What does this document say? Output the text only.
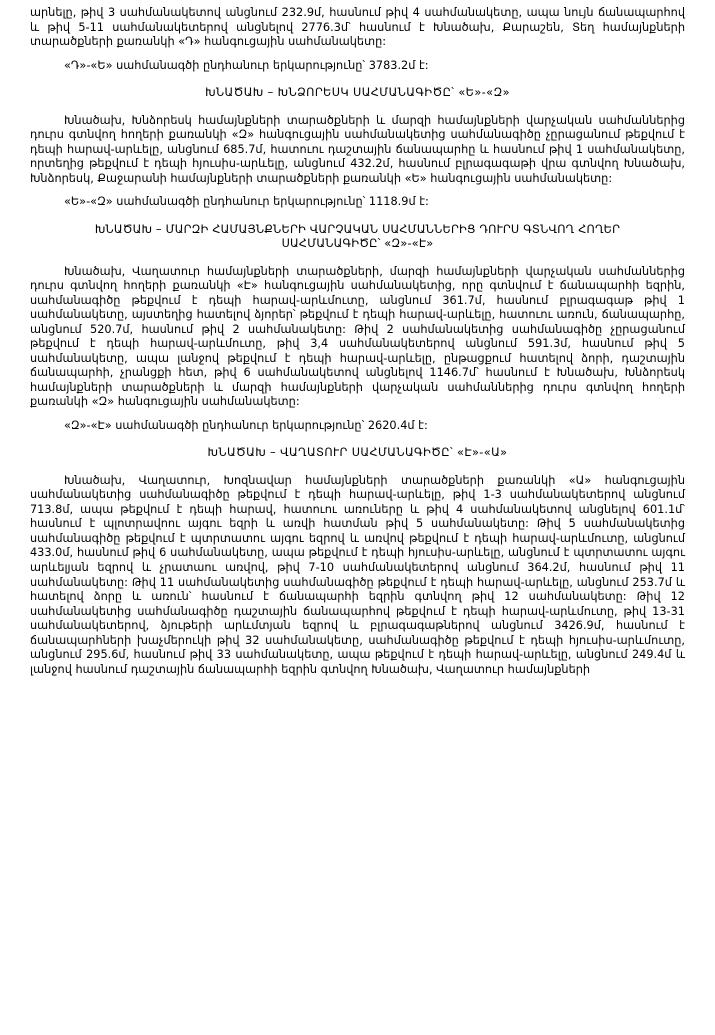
արնելը, թիվ 3 սահմանակետով անցնում 232.9մ, հասնում թիվ 4 սահմանակետը, ապա նույն ճանապարհով և թիվ 5-11 սահմանակետերով անցնելով 2776.3մ՝ հասնում է Խնածախ, Քարաշեն, Տեղ համայնքների տարածքների քառանկի «Դ» հանգուցային սահմանակետը:

«Դ»-«Ե» սահմանագծի ընդհանուր երկարությունը՝ 3783.2մ է:

ԽՆԱԾԱԽ – ԽՆՁՈՐԵՍԿ ՍԱՀՄԱՆԱԳԻԾԸ՝ «Ե»-«Զ»

Խնածախ, Խնձորեսկ համայնքների տարածքների և մարզի համայնքների վարչական սահմաններից դուրս գտնվող հողերի քառանկի «Զ» հանգուցային սահմանակետից սահմանագիծը չըրացանում թեքվում է դեպի հարավ-արևելը, անցնում 685.7մ, հատուու դաշտային ճանապարհը և հասնում թիվ 1 սահմանակետը, որտեղից թեքվում է դեպի հյուսիս-արևելը, անցնում 432.2մ, հասնում բլրագագաթի վրա գտնվող Խնածախ, Խնձորեսկ, Քաջարանի համայնքների տարածքների քառանկի «Ե» հանգուցային սահմանակետը:

«Ե»-«Զ» սահմանագծի ընդհանուր երկարությունը՝ 1118.9մ է:

ԽՆԱԾԱԽ – ՄԱՐԶԻ ՀԱՄԱՅՆՔՆԵՐԻ ՎԱՐՉԱԿԱՆ ՍԱՀՄԱՆՆԵՐԻՑ ԴՈՒՐՍ ԳՏՆՎՈՂ ՀՈՂԵՐ

ՍԱՀՄԱՆԱԳԻԾԸ՝ «Զ»-«Է»

Խնածախ, Վաղատուր համայնքների տարածքների, մարզի համայնքների վարչական սահմաններից դուրս գտնվող հողերի քառանկի «Է» հանգուցային սահմանակետից, որը գտնվում է ճանապարհի եզրին, սահմանագիծը թեքվում է դեպի հարավ-արևմուտը, անցնում 361.7մ, հասնում բլրագագաթ թիվ 1 սահմանակետը, այստեղից հատելով ձյորեր՝ թեքվում է դեպի հարավ-արևելը, հատուու առուն, ճանապարհը, անցնում 520.7մ, հասնում թիվ 2 սահմանակետը: Թիվ 2 սահմանակետից սահմանագիծը չըրացանում թեքվում է դեպի հարավ-արևմուտը, թիվ 3,4 սահմանակետերով անցնում 591.3մ, հասնում թիվ 5 սահմանակետը, ապա լանջով թեքվում է դեպի հարավ-արևելը, ընթացքում հատելով ձորի, դաշտային ճանապարհի, չրանցքի հետ, թիվ 6 սահմանակետով անցնելով 1146.7մ՝ հասնում է Խնածախ, Խնձորեսկ համայնքների տարածքների և մարզի համայնքների վարչական սահմաններից դուրս գտնվող հողերի քառանկի «Զ» հանգուցային սահմանակետը:

«Զ»-«Է» սահմանագծի ընդհանուր երկարությունը՝ 2620.4մ է:

ԽՆԱԾԱԽ – ՎԱՂԱՏՈՒՐ ՍԱՀՄԱՆԱԳԻԾԸ՝ «Է»-«Ա»

Խնածախ, Վաղատուր, Խոզնավար համայնքների տարածքների քառանկի «Ա» հանգուցային սահմանակետից սահմանագիծը թեքվում է դեպի հարավ-արևելը, թիվ 1-3 սահմանակետերով անցնում 713.8մ, ապա թեքվում է դեպի հարավ, հատուու առուները և թիվ 4 սահմանակետով անցնելով 601.1մ՝ հասնում է պլոտրավոու այգու եզրի և առվի հատման թիվ 5 սահմանակետը: Թիվ 5 սահմանակետից սահմանագիծը թեքվում է պտրտատու այգու եզրով և առվով թեքվում է դեպի հարավ-արևմուտը, անցնում 433.0մ, հասնում թիվ 6 սահմանակետը, ապա թեքվում է դեպի հյուսիս-արևելը, անցնում է պտրտատու այգու արևելյան եզրով և չրատաու առվով, թիվ 7-10 սահմանակետերով անցնում 364.2մ, հասնում թիվ 11 սահմանակետը: Թիվ 11 սահմանակետից սահմանագիծը թեքվում է դեպի հարավ-արևելը, անցնում 253.7մ և հատելով ձորը և առուն՝ հասնում է ճանապարհի եզրին գտնվող թիվ 12 սահմանակետը: Թիվ 12 սահմանակետից սահմանագիծը դաշտային ճանապարհով թեքվում է դեպի հարավ-արևմուտը, թիվ 13-31 սահմանակետերով, ձյութերի արևմտյան եզրով և բլրագագաթներով անցնում 3426.9մ, հասնում է ճանապարհների խաչմերուկի թիվ 32 սահմանակետը, սահմանագիծը թեքվում է դեպի հյուսիս-արևմուտը, անցնում 295.6մ, հասնում թիվ 33 սահմանակետը, ապա թեքվում է դեպի հարավ-արևելը, անցնում 249.4մ և լանջով հասնում դաշտային ճանապարհի եզրին գտնվող Խնածախ, Վաղատուր համայնքների
